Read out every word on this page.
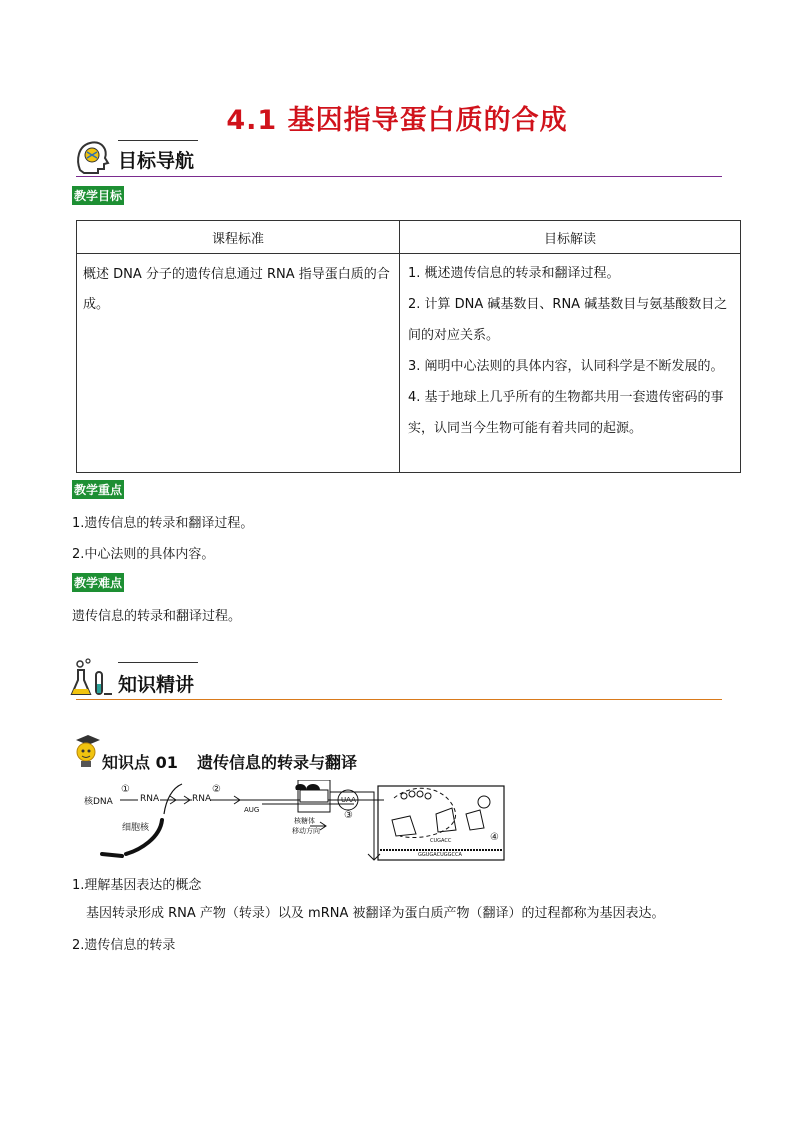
4.1 基因指导蛋白质的合成
目标导航
教学目标
课程标准	目标解读
概述 DNA 分子的遗传信息通过 RNA 指导蛋白质的合成。	1. 概述遗传信息的转录和翻译过程。
2. 计算 DNA 碱基数目、RNA 碱基数目与氨基酸数目之间的对应关系。
3. 阐明中心法则的具体内容，认同科学是不断发展的。
4. 基于地球上几乎所有的生物都共用一套遗传密码的事实，认同当今生物可能有着共同的起源。
教学重点
1.遗传信息的转录和翻译过程。
2.中心法则的具体内容。
教学难点
遗传信息的转录和翻译过程。
知识精讲
知识点 01 遗传信息的转录与翻译
核DNA
①
RNA
②
RNA
细胞核
AUG
UAA
③
④
核糖体
移动方向
CUGACC
GGUGACUGGCCA
1.理解基因表达的概念
基因转录形成 RNA 产物（转录）以及 mRNA 被翻译为蛋白质产物（翻译）的过程都称为基因表达。
2.遗传信息的转录
